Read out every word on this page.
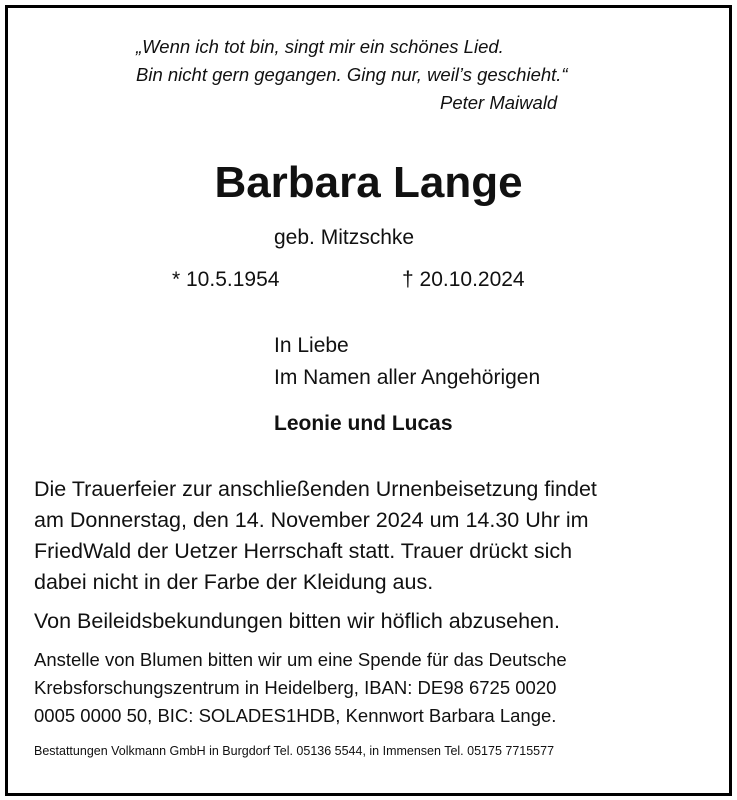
„Wenn ich tot bin, singt mir ein schönes Lied.
Bin nicht gern gegangen. Ging nur, weil’s geschieht.“
Peter Maiwald
Barbara Lange
geb. Mitzschke
* 10.5.1954	† 20.10.2024
In Liebe
Im Namen aller Angehörigen
Leonie und Lucas
Die Trauerfeier zur anschließenden Urnenbeisetzung findet
am Donnerstag, den 14. November 2024 um 14.30 Uhr im
FriedWald der Uetzer Herrschaft statt. Trauer drückt sich
dabei nicht in der Farbe der Kleidung aus.
Von Beileidsbekundungen bitten wir höflich abzusehen.
Anstelle von Blumen bitten wir um eine Spende für das Deutsche
Krebsforschungszentrum in Heidelberg, IBAN: DE98 6725 0020
0005 0000 50, BIC: SOLADES1HDB, Kennwort Barbara Lange.
Bestattungen Volkmann GmbH in Burgdorf Tel. 05136 5544, in Immensen Tel. 05175 7715577
